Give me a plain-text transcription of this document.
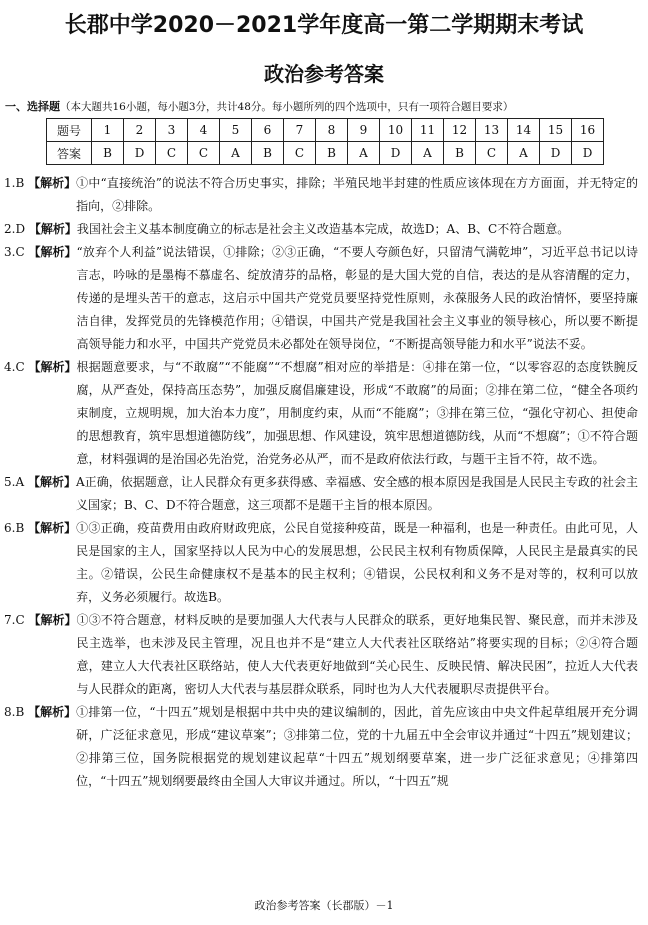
长郡中学2020－2021学年度高一第二学期期末考试
政治参考答案
一、选择题（本大题共16小题，每小题3分，共计48分。每小题所列的四个选项中，只有一项符合题目要求）
题号	1	2	3	4	5	6	7	8	9	10	11	12	13	14	15	16
答案	B	D	C	C	A	B	C	B	A	D	A	B	C	A	D	D
1.B 【解析】 ①中“直接统治”的说法不符合历史事实，排除；半殖民地半封建的性质应该体现在方方面面，并无特定的指向，②排除。
2.D 【解析】 我国社会主义基本制度确立的标志是社会主义改造基本完成，故选D；A、B、C不符合题意。
3.C 【解析】 “放弃个人利益”说法错误，①排除；②③正确，“不要人夸颜色好，只留清气满乾坤”，习近平总书记以诗言志，吟咏的是墨梅不慕虚名、绽放清芬的品格，彰显的是大国大党的自信，表达的是从容清醒的定力，传递的是埋头苦干的意志，这启示中国共产党党员要坚持党性原则，永葆服务人民的政治情怀，要坚持廉洁自律，发挥党员的先锋模范作用；④错误，中国共产党是我国社会主义事业的领导核心，所以要不断提高领导能力和水平，中国共产党党员未必都处在领导岗位，“不断提高领导能力和水平”说法不妥。
4.C 【解析】 根据题意要求，与“不敢腐”“不能腐”“不想腐”相对应的举措是：④排在第一位，“以零容忍的态度铁腕反腐，从严查处，保持高压态势”，加强反腐倡廉建设，形成“不敢腐”的局面；②排在第二位，“健全各项约束制度，立规明规，加大治本力度”，用制度约束，从而“不能腐”；③排在第三位，“强化守初心、担使命的思想教育，筑牢思想道德防线”，加强思想、作风建设，筑牢思想道德防线，从而“不想腐”；①不符合题意，材料强调的是治国必先治党，治党务必从严，而不是政府依法行政，与题干主旨不符，故不选。
5.A 【解析】 A正确，依据题意，让人民群众有更多获得感、幸福感、安全感的根本原因是我国是人民民主专政的社会主义国家；B、C、D不符合题意，这三项都不是题干主旨的根本原因。
6.B 【解析】 ①③正确，疫苗费用由政府财政兜底，公民自觉接种疫苗，既是一种福利，也是一种责任。由此可见，人民是国家的主人，国家坚持以人民为中心的发展思想，公民民主权利有物质保障，人民民主是最真实的民主。②错误，公民生命健康权不是基本的民主权利；④错误，公民权利和义务不是对等的，权利可以放弃，义务必须履行。故选B。
7.C 【解析】 ①③不符合题意，材料反映的是要加强人大代表与人民群众的联系，更好地集民智、聚民意，而并未涉及民主选举，也未涉及民主管理，况且也并不是“建立人大代表社区联络站”将要实现的目标；②④符合题意，建立人大代表社区联络站，使人大代表更好地做到“关心民生、反映民情、解决民困”，拉近人大代表与人民群众的距离，密切人大代表与基层群众联系，同时也为人大代表履职尽责提供平台。
8.B 【解析】 ①排第一位，“十四五”规划是根据中共中央的建议编制的，因此，首先应该由中央文件起草组展开充分调研，广泛征求意见，形成“建议草案”；③排第二位，党的十九届五中全会审议并通过“十四五”规划建议；②排第三位，国务院根据党的规划建议起草“十四五”规划纲要草案，进一步广泛征求意见；④排第四位，“十四五”规划纲要最终由全国人大审议并通过。所以，“十四五”规
政治参考答案（长郡版）－1
